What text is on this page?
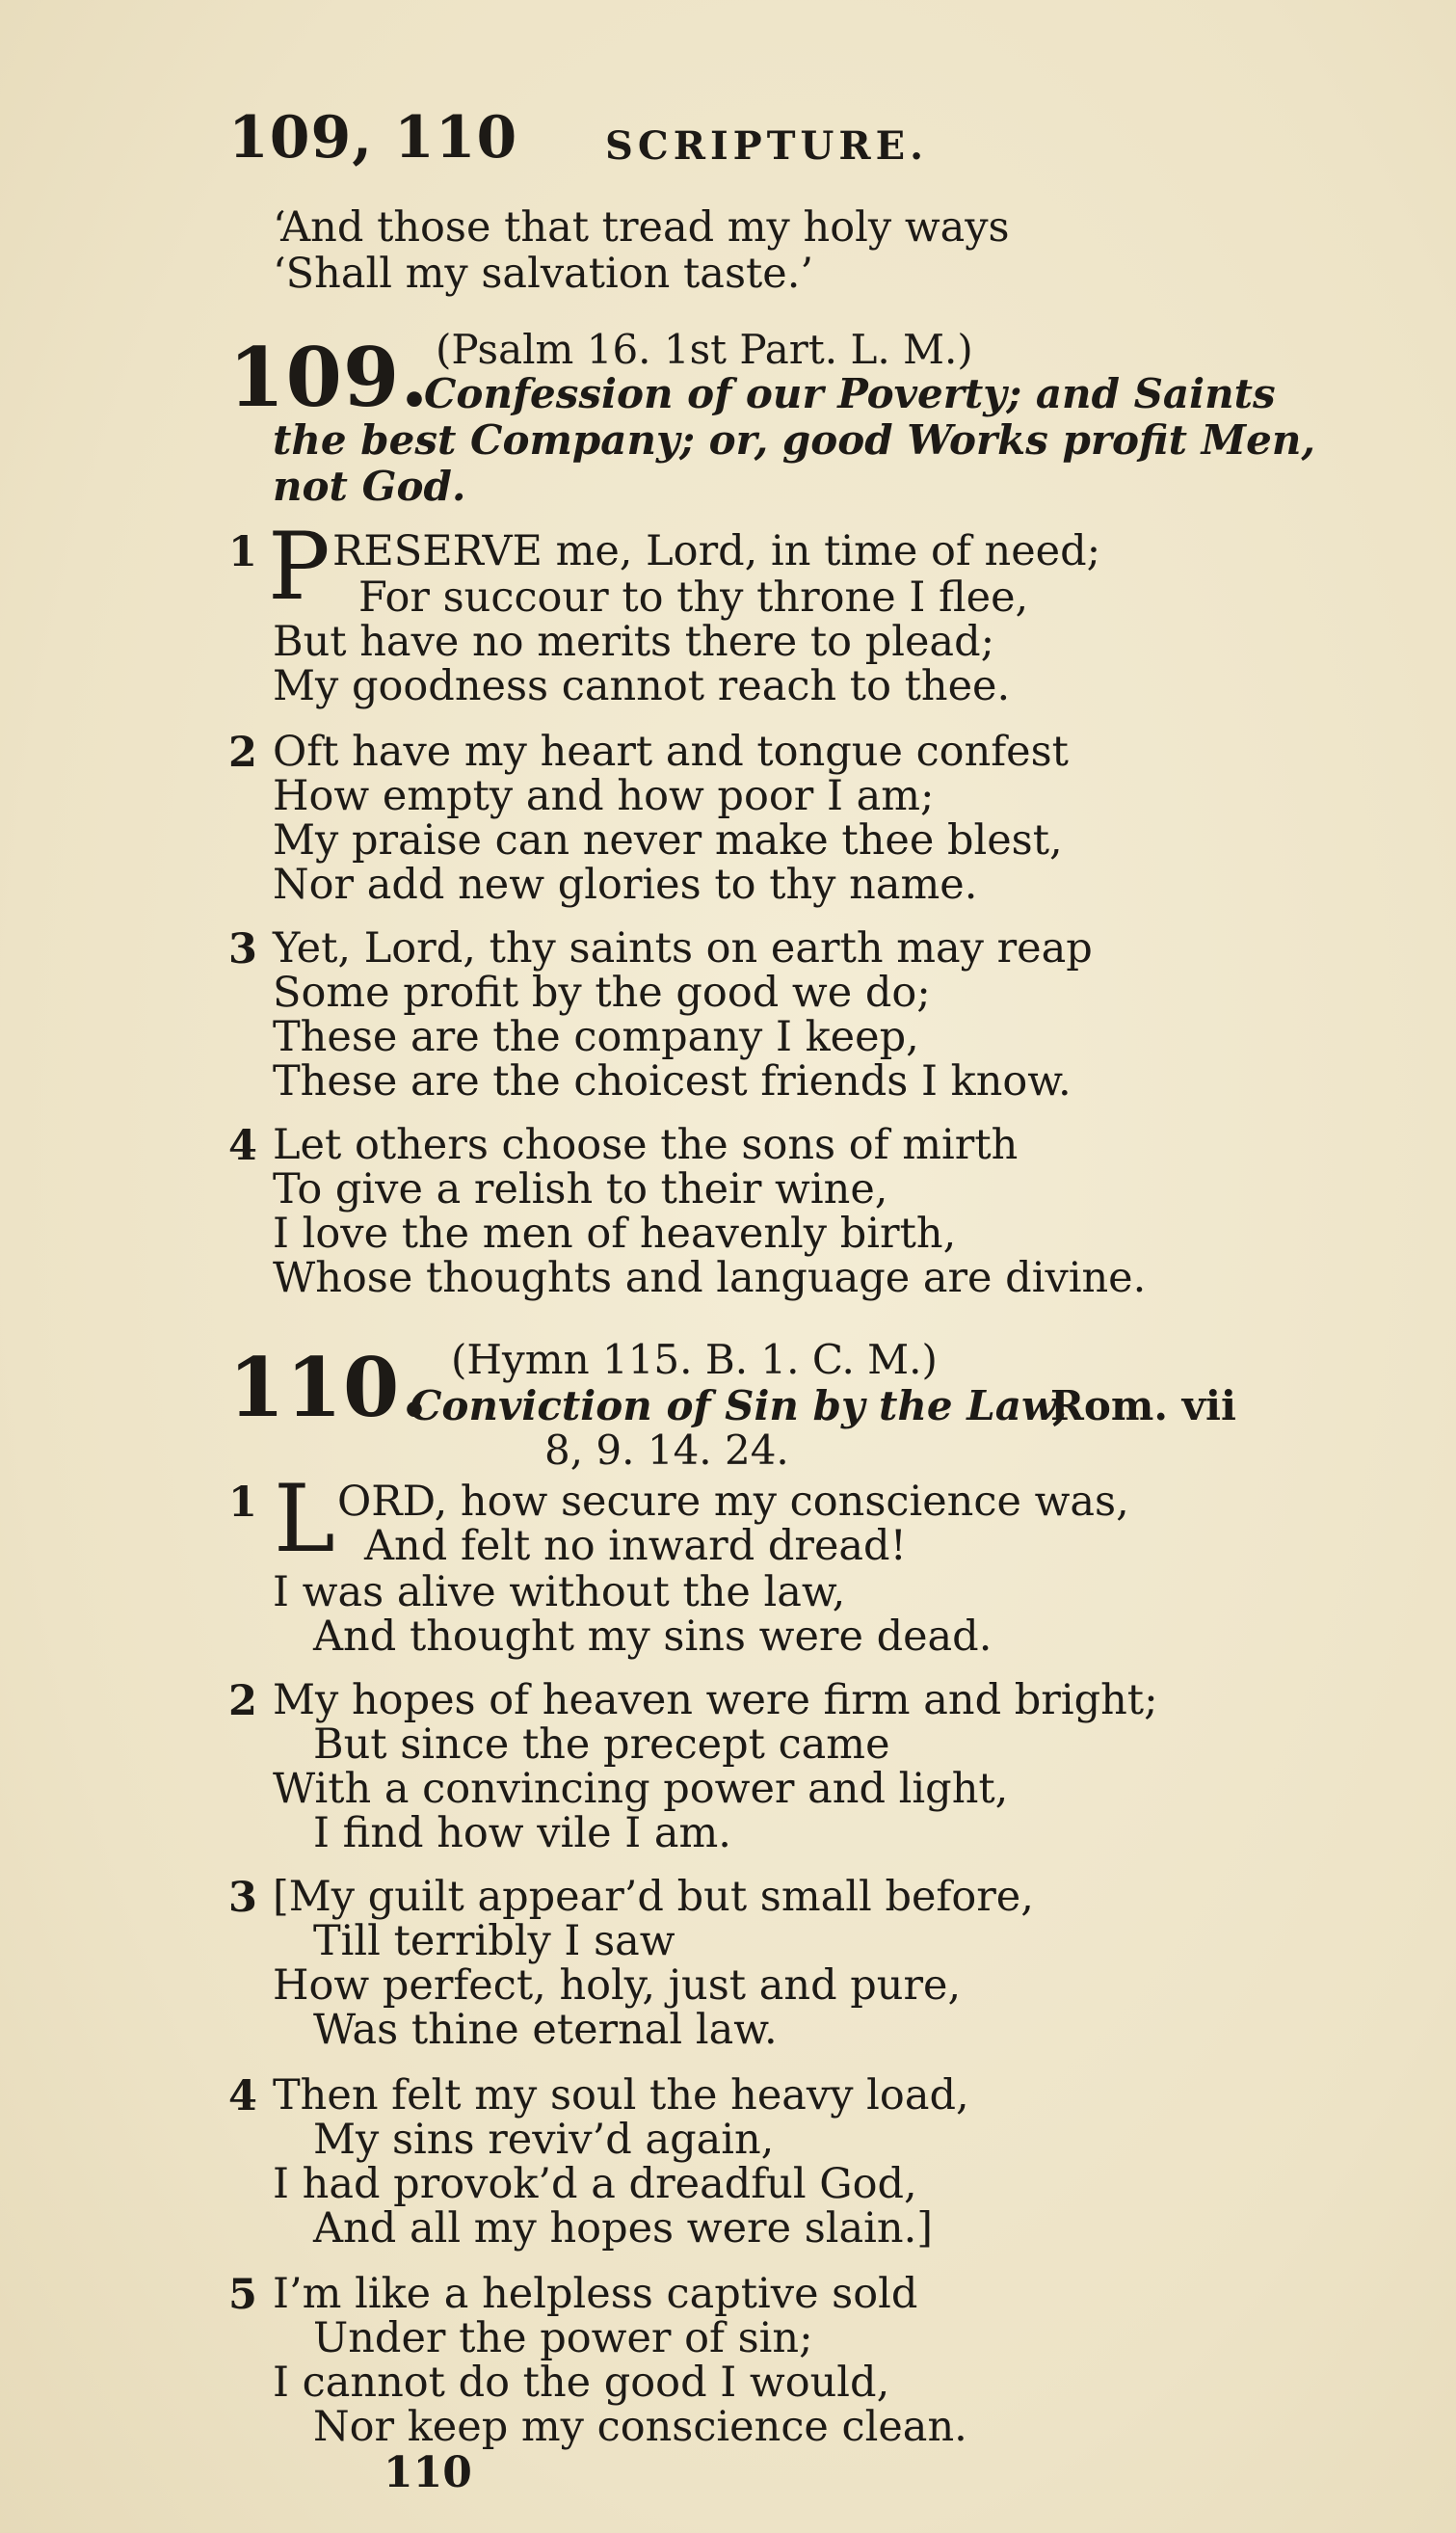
109, 110 SCRIPTURE.
‘And those that tread my holy ways
‘Shall my salvation taste.’
109. (Psalm 16. 1st Part. L. M.)
Confession of our Poverty; and Saints
the best Company; or, good Works profit Men,
not God.
1 P RESERVE me, Lord, in time of need;
For succour to thy throne I flee,
But have no merits there to plead;
My goodness cannot reach to thee.
2 Oft have my heart and tongue confest
How empty and how poor I am;
My praise can never make thee blest,
Nor add new glories to thy name.
3 Yet, Lord, thy saints on earth may reap
Some profit by the good we do;
These are the company I keep,
These are the choicest friends I know.
4 Let others choose the sons of mirth
To give a relish to their wine,
I love the men of heavenly birth,
Whose thoughts and language are divine.
110. (Hymn 115. B. 1. C. M.)
Conviction of Sin by the Law,
Rom. vii
8, 9. 14. 24.
1 L ORD, how secure my conscience was,
And felt no inward dread!
I was alive without the law,
And thought my sins were dead.
2 My hopes of heaven were firm and bright;
But since the precept came
With a convincing power and light,
I find how vile I am.
3 [My guilt appear’d but small before,
Till terribly I saw
How perfect, holy, just and pure,
Was thine eternal law.
4 Then felt my soul the heavy load,
My sins reviv’d again,
I had provok’d a dreadful God,
And all my hopes were slain.]
5 I’m like a helpless captive sold
Under the power of sin;
I cannot do the good I would,
Nor keep my conscience clean.
110
